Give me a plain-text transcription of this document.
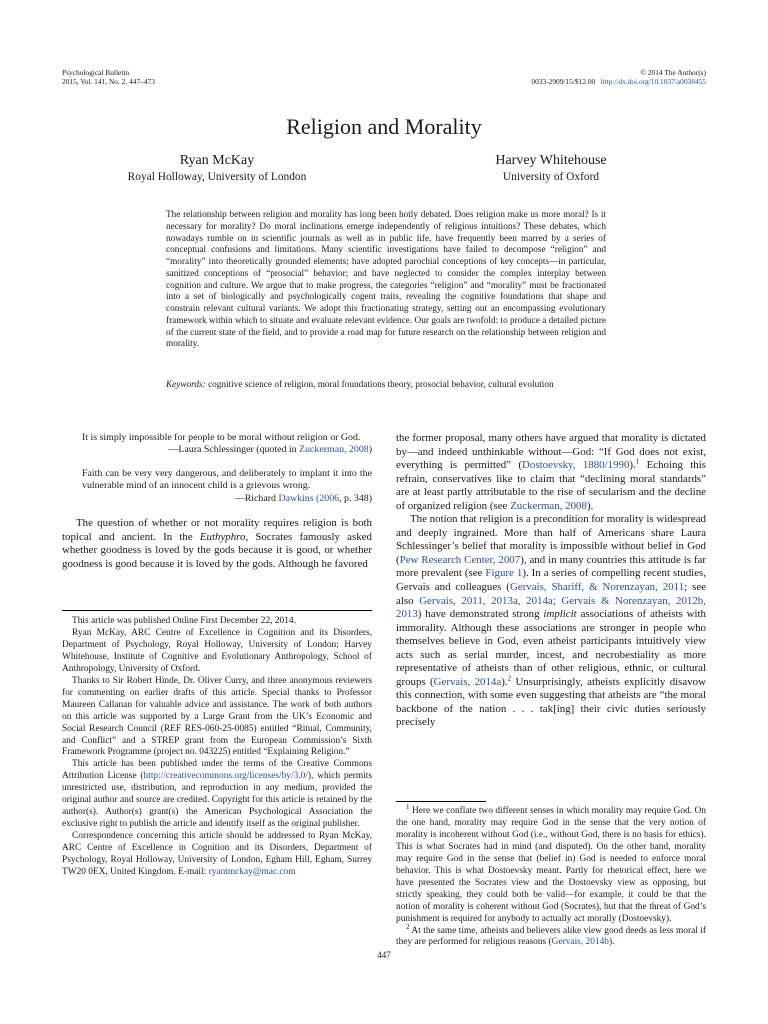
Psychological Bulletin
2015, Vol. 141, No. 2, 447–473
© 2014 The Author(s)
0033-2909/15/$12.00 http://dx.doi.org/10.1037/a0038455
Religion and Morality
Ryan McKay
Royal Holloway, University of London
Harvey Whitehouse
University of Oxford
The relationship between religion and morality has long been hotly debated. Does religion make us more moral? Is it necessary for morality? Do moral inclinations emerge independently of religious intuitions? These debates, which nowadays rumble on in scientific journals as well as in public life, have frequently been marred by a series of conceptual confusions and limitations. Many scientific investigations have failed to decompose “religion” and “morality” into theoretically grounded elements; have adopted parochial conceptions of key concepts—in particular, sanitized conceptions of “prosocial” behavior; and have neglected to consider the complex interplay between cognition and culture. We argue that to make progress, the categories “religion” and “morality” must be fractionated into a set of biologically and psychologically cogent traits, revealing the cognitive foundations that shape and constrain relevant cultural variants. We adopt this fractionating strategy, setting out an encompassing evolutionary framework within which to situate and evaluate relevant evidence. Our goals are twofold: to produce a detailed picture of the current state of the field, and to provide a road map for future research on the relationship between religion and morality.
Keywords: cognitive science of religion, moral foundations theory, prosocial behavior, cultural evolution
It is simply impossible for people to be moral without religion or God.
—Laura Schlessinger (quoted in Zuckerman, 2008)
Faith can be very very dangerous, and deliberately to implant it into the vulnerable mind of an innocent child is a grievous wrong.
—Richard Dawkins (2006, p. 348)

The question of whether or not morality requires religion is both topical and ancient. In the Euthyphro, Socrates famously asked whether goodness is loved by the gods because it is good, or whether goodness is good because it is loved by the gods. Although he favored

This article was published Online First December 22, 2014.

Ryan McKay, ARC Centre of Excellence in Cognition and its Disorders, Department of Psychology, Royal Holloway, University of London; Harvey Whitehouse, Institute of Cognitive and Evolutionary Anthropology, School of Anthropology, University of Oxford.

Thanks to Sir Robert Hinde, Dr. Oliver Curry, and three anonymous reviewers for commenting on earlier drafts of this article. Special thanks to Professor Maureen Callanan for valuable advice and assistance. The work of both authors on this article was supported by a Large Grant from the UK’s Economic and Social Research Council (REF RES-060-25-0085) entitled “Ritual, Community, and Conflict” and a STREP grant from the European Commission’s Sixth Framework Programme (project no. 043225) entitled “Explaining Religion.”

This article has been published under the terms of the Creative Commons Attribution License (http://creativecommons.org/licenses/by/3.0/), which permits unrestricted use, distribution, and reproduction in any medium, provided the original author and source are credited. Copyright for this article is retained by the author(s). Author(s) grant(s) the American Psychological Association the exclusive right to publish the article and identify itself as the original publisher.

Correspondence concerning this article should be addressed to Ryan McKay, ARC Centre of Excellence in Cognition and its Disorders, Department of Psychology, Royal Holloway, University of London, Egham Hill, Egham, Surrey TW20 0EX, United Kingdom. E-mail: ryantmckay@mac.com

the former proposal, many others have argued that morality is dictated by—and indeed unthinkable without—God: “If God does not exist, everything is permitted” (Dostoevsky, 1880/1990).$^1$ Echoing this refrain, conservatives like to claim that “declining moral standards” are at least partly attributable to the rise of secularism and the decline of organized religion (see Zuckerman, 2008).

The notion that religion is a precondition for morality is widespread and deeply ingrained. More than half of Americans share Laura Schlessinger’s belief that morality is impossible without belief in God (Pew Research Center, 2007), and in many countries this attitude is far more prevalent (see Figure 1). In a series of compelling recent studies, Gervais and colleagues (Gervais, Shariff, & Norenzayan, 2011; see also Gervais, 2011, 2013a, 2014a; Gervais & Norenzayan, 2012b, 2013) have demonstrated strong implicit associations of atheists with immorality. Although these associations are stronger in people who themselves believe in God, even atheist participants intuitively view acts such as serial murder, incest, and necrobestiality as more representative of atheists than of other religious, ethnic, or cultural groups (Gervais, 2014a).$^2$ Unsurprisingly, atheists explicitly disavow this connection, with some even suggesting that atheists are “the moral backbone of the nation . . . tak[ing] their civic duties seriously precisely

$^1$ Here we conflate two different senses in which morality may require God. On the one hand, morality may require God in the sense that the very notion of morality is incoherent without God (i.e., without God, there is no basis for ethics). This is what Socrates had in mind (and disputed). On the other hand, morality may require God in the sense that (belief in) God is needed to enforce moral behavior. This is what Dostoevsky meant. Partly for rhetorical effect, here we have presented the Socrates view and the Dostoevsky view as opposing, but strictly speaking, they could both be valid—for example, it could be that the notion of morality is coherent without God (Socrates), but that the threat of God’s punishment is required for anybody to actually act morally (Dostoevsky).

$^2$ At the same time, atheists and believers alike view good deeds as less moral if they are performed for religious reasons (Gervais, 2014b).

447
